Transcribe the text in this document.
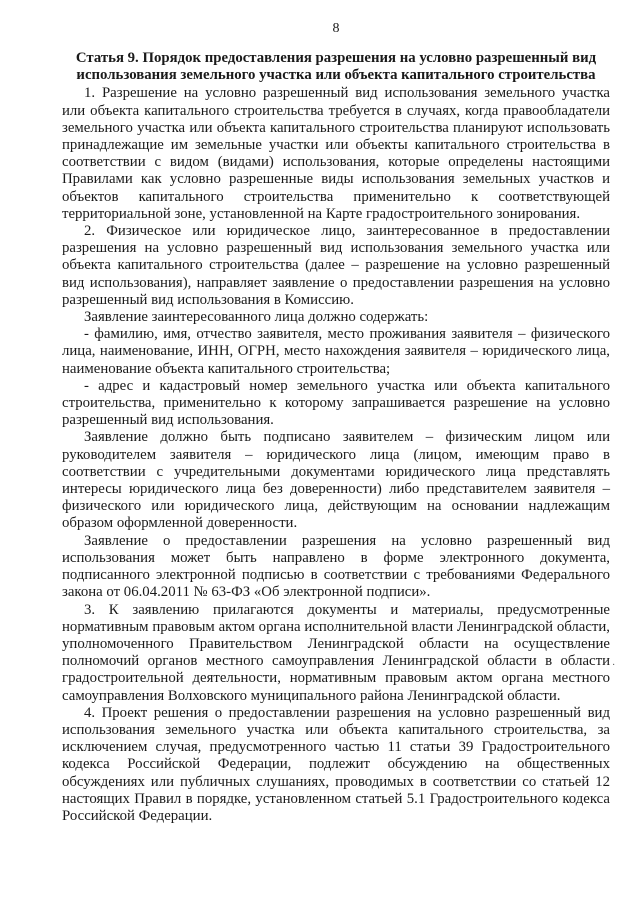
8
Статья 9. Порядок предоставления разрешения на условно разрешенный вид
использования земельного участка или объекта капитального строительства

1. Разрешение на условно разрешенный вид использования земельного участка или объекта капитального строительства требуется в случаях, когда правообладатели земельного участка или объекта капитального строительства планируют использовать принадлежащие им земельные участки или объекты капитального строительства в соответствии с видом (видами) использования, которые определены настоящими Правилами как условно разрешенные виды использования земельных участков и объектов капитального строительства применительно к соответствующей территориальной зоне, установленной на Карте градостроительного зонирования.

2. Физическое или юридическое лицо, заинтересованное в предоставлении разрешения на условно разрешенный вид использования земельного участка или объекта капитального строительства (далее – разрешение на условно разрешенный вид использования), направляет заявление о предоставлении разрешения на условно разрешенный вид использования в Комиссию.

Заявление заинтересованного лица должно содержать:

- фамилию, имя, отчество заявителя, место проживания заявителя – физического лица, наименование, ИНН, ОГРН, место нахождения заявителя – юридического лица, наименование объекта капитального строительства;

- адрес и кадастровый номер земельного участка или объекта капитального строительства, применительно к которому запрашивается разрешение на условно разрешенный вид использования.

Заявление должно быть подписано заявителем – физическим лицом или руководителем заявителя – юридического лица (лицом, имеющим право в соответствии с учредительными документами юридического лица представлять интересы юридического лица без доверенности) либо представителем заявителя – физического или юридического лица, действующим на основании надлежащим образом оформленной доверенности.

Заявление о предоставлении разрешения на условно разрешенный вид использования может быть направлено в форме электронного документа, подписанного электронной подписью в соответствии с требованиями Федерального закона от 06.04.2011 № 63-ФЗ «Об электронной подписи».

3. К заявлению прилагаются документы и материалы, предусмотренные нормативным правовым актом органа исполнительной власти Ленинградской области, уполномоченного Правительством Ленинградской области на осуществление полномочий органов местного самоуправления Ленинградской области в области градостроительной деятельности, нормативным правовым актом органа местного самоуправления Волховского муниципального района Ленинградской области.

4. Проект решения о предоставлении разрешения на условно разрешенный вид использования земельного участка или объекта капитального строительства, за исключением случая, предусмотренного частью 11 статьи 39 Градостроительного кодекса Российской Федерации, подлежит обсуждению на общественных обсуждениях или публичных слушаниях, проводимых в соответствии со статьей 12 настоящих Правил в порядке, установленном статьей 5.1 Градостроительного кодекса Российской Федерации.

·
